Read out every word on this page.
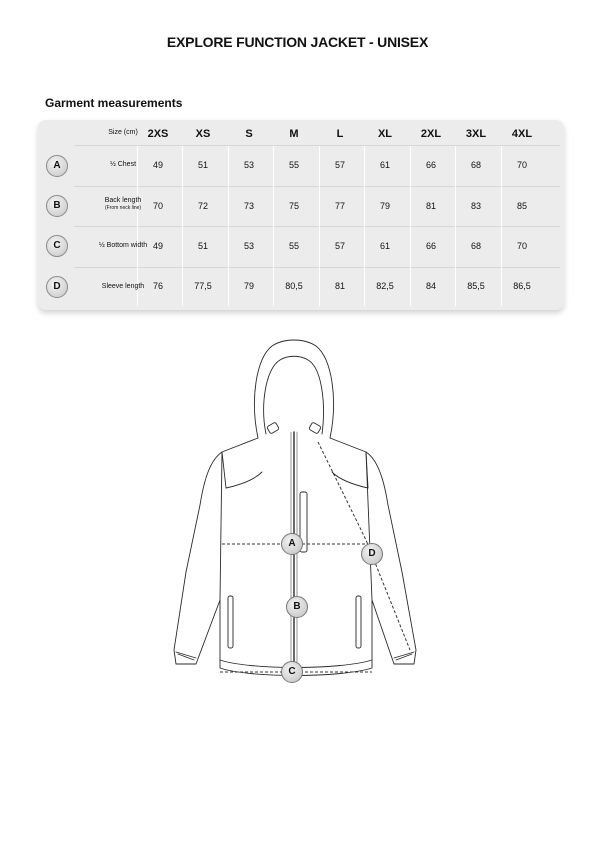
EXPLORE FUNCTION JACKET - UNISEX
Garment measurements
Size (cm) 2XS	XS	S	M	L	XL	2XL	3XL	4XL
A	½ Chest	49	51	53	55	57	61	66	68	70
B	Back length
(From neck line)	70	72	73	75	77	79	81	83	85
C	½ Bottom width 49	51	53	55	57	61	66	68	70
D	Sleeve length 76	77,5	79	80,5	81	82,5	84	85,5	86,5
A
B
C
D
